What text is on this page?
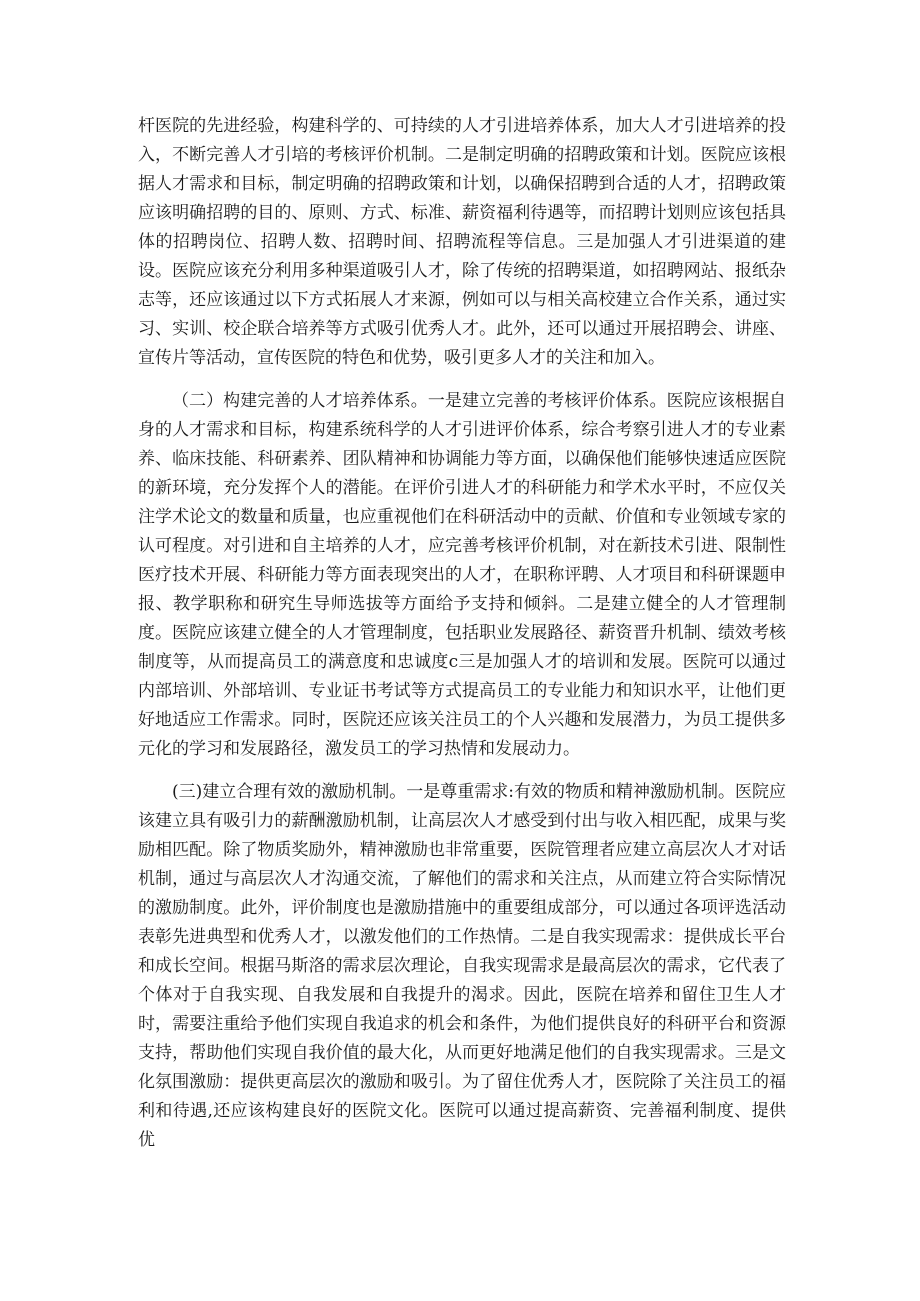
杆医院的先进经验，构建科学的、可持续的人才引进培养体系，加大人才引进培养的投入，不断完善人才引培的考核评价机制。二是制定明确的招聘政策和计划。医院应该根据人才需求和目标，制定明确的招聘政策和计划，以确保招聘到合适的人才，招聘政策应该明确招聘的目的、原则、方式、标准、薪资福利待遇等，而招聘计划则应该包括具体的招聘岗位、招聘人数、招聘时间、招聘流程等信息。三是加强人才引进渠道的建设。医院应该充分利用多种渠道吸引人才，除了传统的招聘渠道，如招聘网站、报纸杂志等，还应该通过以下方式拓展人才来源，例如可以与相关高校建立合作关系，通过实习、实训、校企联合培养等方式吸引优秀人才。此外，还可以通过开展招聘会、讲座、宣传片等活动，宣传医院的特色和优势，吸引更多人才的关注和加入。

（二）构建完善的人才培养体系。一是建立完善的考核评价体系。医院应该根据自身的人才需求和目标，构建系统科学的人才引进评价体系，综合考察引进人才的专业素养、临床技能、科研素养、团队精神和协调能力等方面，以确保他们能够快速适应医院的新环境，充分发挥个人的潜能。在评价引进人才的科研能力和学术水平时，不应仅关注学术论文的数量和质量，也应重视他们在科研活动中的贡献、价值和专业领域专家的认可程度。对引进和自主培养的人才，应完善考核评价机制，对在新技术引进、限制性医疗技术开展、科研能力等方面表现突出的人才，在职称评聘、人才项目和科研课题申报、教学职称和研究生导师选拔等方面给予支持和倾斜。二是建立健全的人才管理制度。医院应该建立健全的人才管理制度，包括职业发展路径、薪资晋升机制、绩效考核制度等，从而提高员工的满意度和忠诚度c三是加强人才的培训和发展。医院可以通过内部培训、外部培训、专业证书考试等方式提高员工的专业能力和知识水平，让他们更好地适应工作需求。同时，医院还应该关注员工的个人兴趣和发展潜力，为员工提供多元化的学习和发展路径，激发员工的学习热情和发展动力。

(三)建立合理有效的激励机制。一是尊重需求:有效的物质和精神激励机制。医院应该建立具有吸引力的薪酬激励机制，让高层次人才感受到付出与收入相匹配，成果与奖励相匹配。除了物质奖励外，精神激励也非常重要，医院管理者应建立高层次人才对话机制，通过与高层次人才沟通交流，了解他们的需求和关注点，从而建立符合实际情况的激励制度。此外，评价制度也是激励措施中的重要组成部分，可以通过各项评选活动表彰先进典型和优秀人才，以激发他们的工作热情。二是自我实现需求：提供成长平台和成长空间。根据马斯洛的需求层次理论，自我实现需求是最高层次的需求，它代表了个体对于自我实现、自我发展和自我提升的渴求。因此，医院在培养和留住卫生人才时，需要注重给予他们实现自我追求的机会和条件，为他们提供良好的科研平台和资源支持，帮助他们实现自我价值的最大化，从而更好地满足他们的自我实现需求。三是文化氛围激励：提供更高层次的激励和吸引。为了留住优秀人才，医院除了关注员工的福利和待遇,还应该构建良好的医院文化。医院可以通过提高薪资、完善福利制度、提供优
